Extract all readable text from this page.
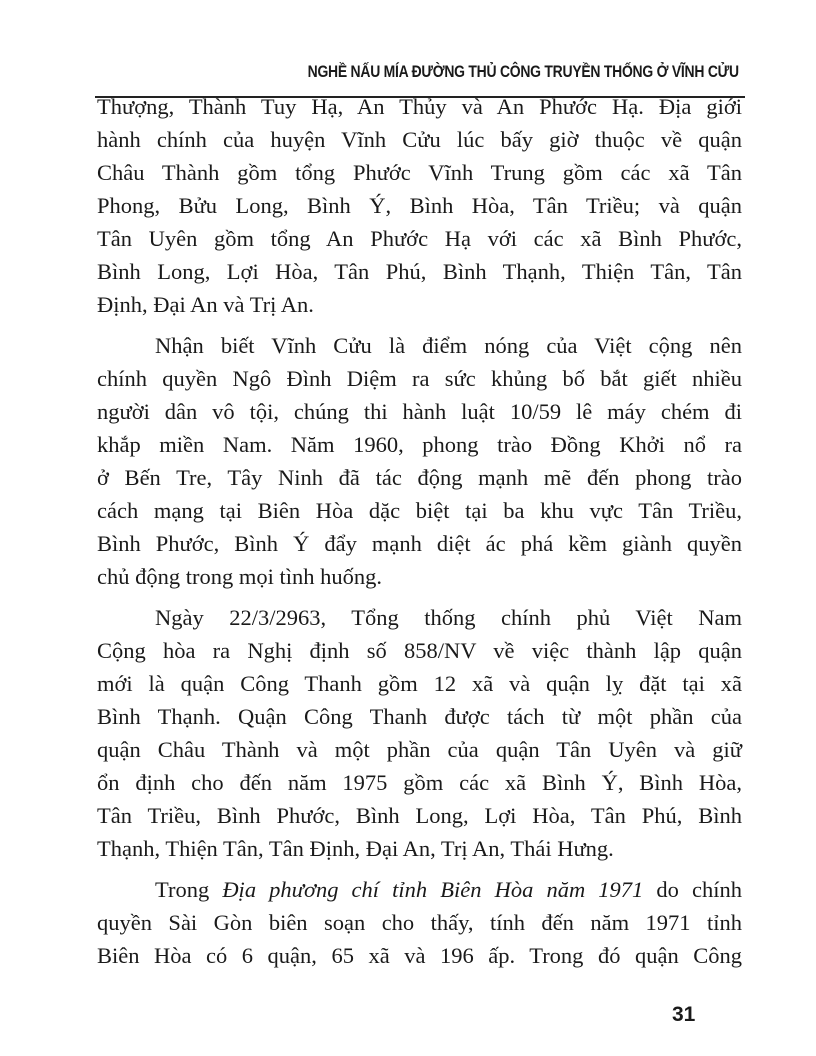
NGHỀ NẤU MÍA ĐƯỜNG THỦ CÔNG TRUYỀN THỐNG Ở VĨNH CỬU
Thượng, Thành Tuy Hạ, An Thủy và An Phước Hạ. Địa giới
hành chính của huyện Vĩnh Cửu lúc bấy giờ thuộc về quận
Châu Thành gồm tổng Phước Vĩnh Trung gồm các xã Tân
Phong, Bửu Long, Bình Ý, Bình Hòa, Tân Triều; và quận
Tân Uyên gồm tổng An Phước Hạ với các xã Bình Phước,
Bình Long, Lợi Hòa, Tân Phú, Bình Thạnh, Thiện Tân, Tân
Định, Đại An và Trị An.
Nhận biết Vĩnh Cửu là điểm nóng của Việt cộng nên
chính quyền Ngô Đình Diệm ra sức khủng bố bắt giết nhiều
người dân vô tội, chúng thi hành luật 10/59 lê máy chém đi
khắp miền Nam. Năm 1960, phong trào Đồng Khởi nổ ra
ở Bến Tre, Tây Ninh đã tác động mạnh mẽ đến phong trào
cách mạng tại Biên Hòa dặc biệt tại ba khu vực Tân Triều,
Bình Phước, Bình Ý đẩy mạnh diệt ác phá kềm giành quyền
chủ động trong mọi tình huống.
Ngày 22/3/2963, Tổng thống chính phủ Việt Nam
Cộng hòa ra Nghị định số 858/NV về việc thành lập quận
mới là quận Công Thanh gồm 12 xã và quận lỵ đặt tại xã
Bình Thạnh. Quận Công Thanh được tách từ một phần của
quận Châu Thành và một phần của quận Tân Uyên và giữ
ổn định cho đến năm 1975 gồm các xã Bình Ý, Bình Hòa,
Tân Triều, Bình Phước, Bình Long, Lợi Hòa, Tân Phú, Bình
Thạnh, Thiện Tân, Tân Định, Đại An, Trị An, Thái Hưng.
Trong Địa phương chí tỉnh Biên Hòa năm 1971 do chính
quyền Sài Gòn biên soạn cho thấy, tính đến năm 1971 tỉnh
Biên Hòa có 6 quận, 65 xã và 196 ấp. Trong đó quận Công
31
